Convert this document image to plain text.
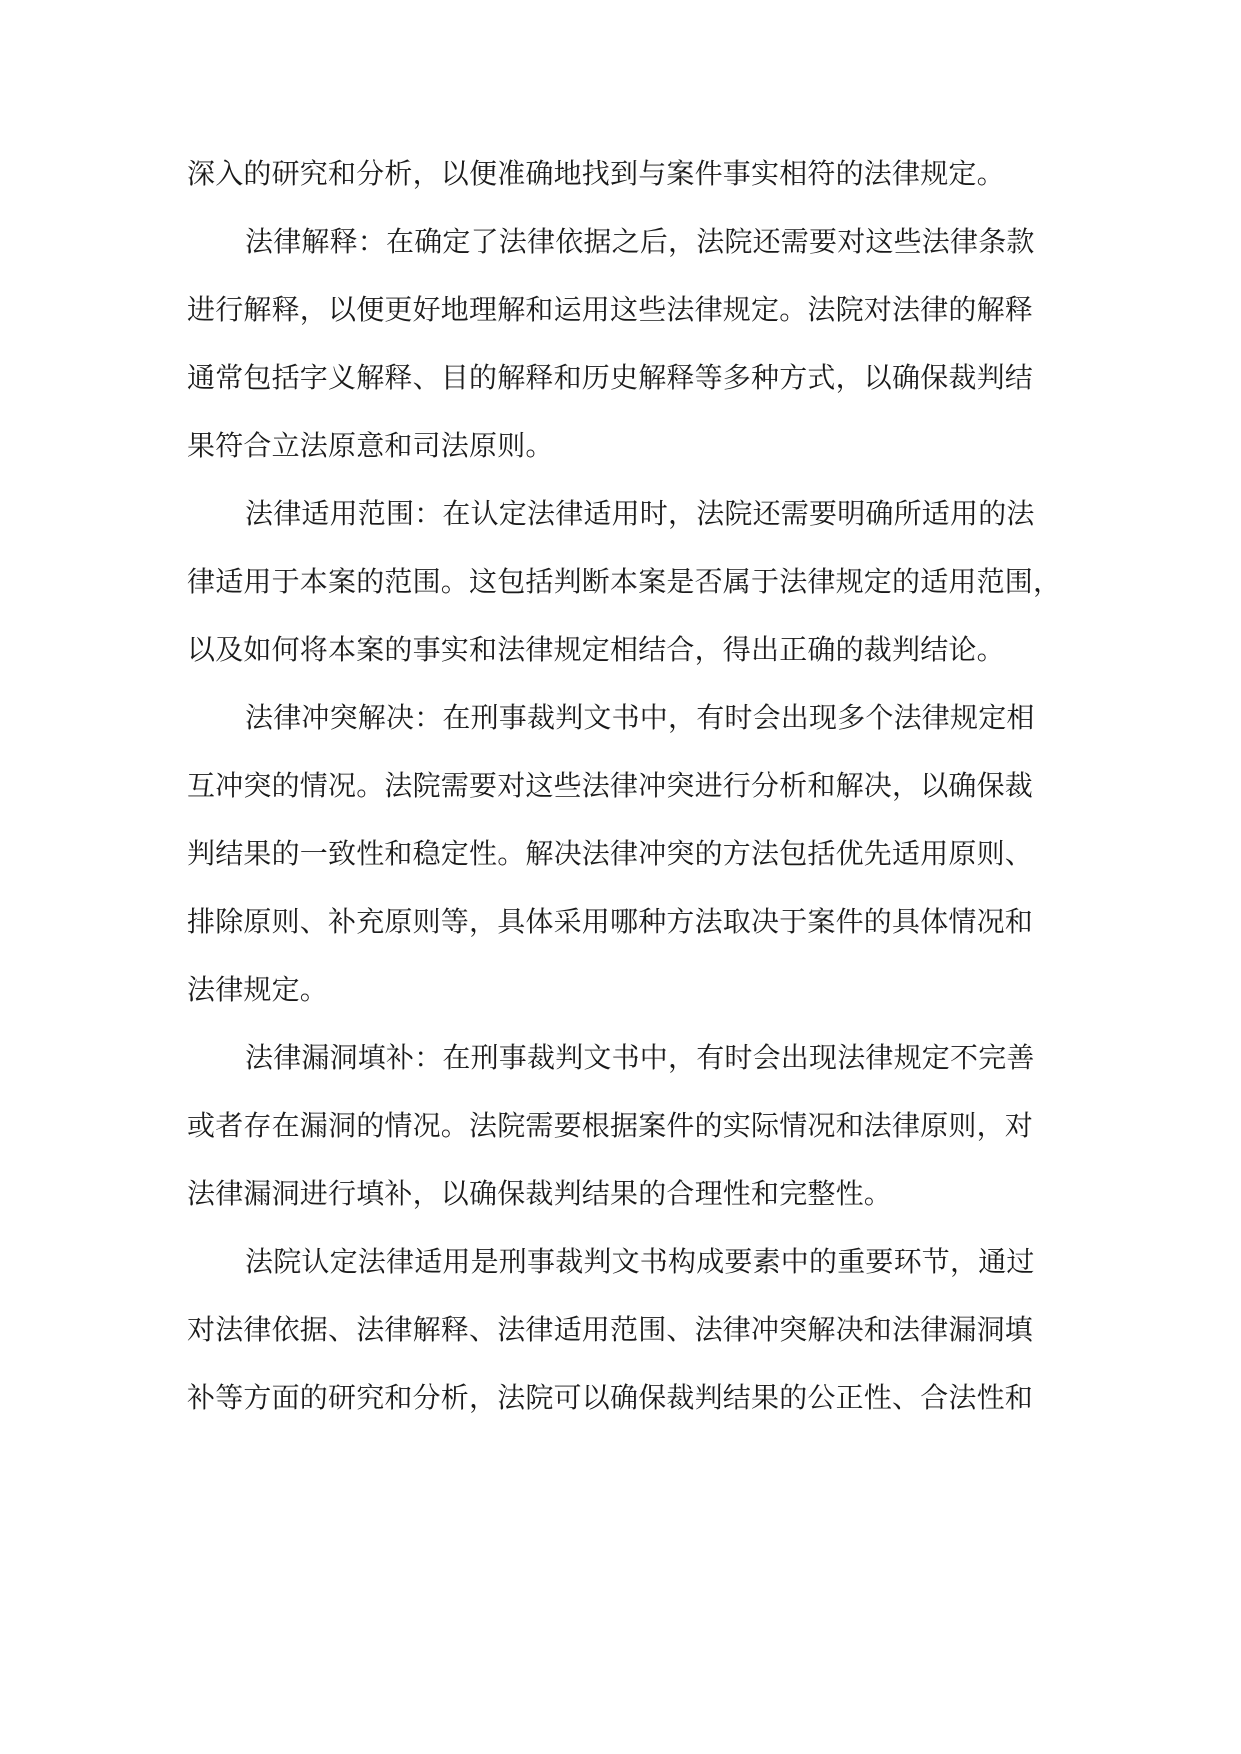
深入的研究和分析，以便准确地找到与案件事实相符的法律规定。
法律解释：在确定了法律依据之后，法院还需要对这些法律条款
进行解释，以便更好地理解和运用这些法律规定。法院对法律的解释
通常包括字义解释、目的解释和历史解释等多种方式，以确保裁判结
果符合立法原意和司法原则。
法律适用范围：在认定法律适用时，法院还需要明确所适用的法
律适用于本案的范围。这包括判断本案是否属于法律规定的适用范围，
以及如何将本案的事实和法律规定相结合，得出正确的裁判结论。
法律冲突解决：在刑事裁判文书中，有时会出现多个法律规定相
互冲突的情况。法院需要对这些法律冲突进行分析和解决，以确保裁
判结果的一致性和稳定性。解决法律冲突的方法包括优先适用原则、
排除原则、补充原则等，具体采用哪种方法取决于案件的具体情况和
法律规定。
法律漏洞填补：在刑事裁判文书中，有时会出现法律规定不完善
或者存在漏洞的情况。法院需要根据案件的实际情况和法律原则，对
法律漏洞进行填补，以确保裁判结果的合理性和完整性。
法院认定法律适用是刑事裁判文书构成要素中的重要环节，通过
对法律依据、法律解释、法律适用范围、法律冲突解决和法律漏洞填
补等方面的研究和分析，法院可以确保裁判结果的公正性、合法性和
